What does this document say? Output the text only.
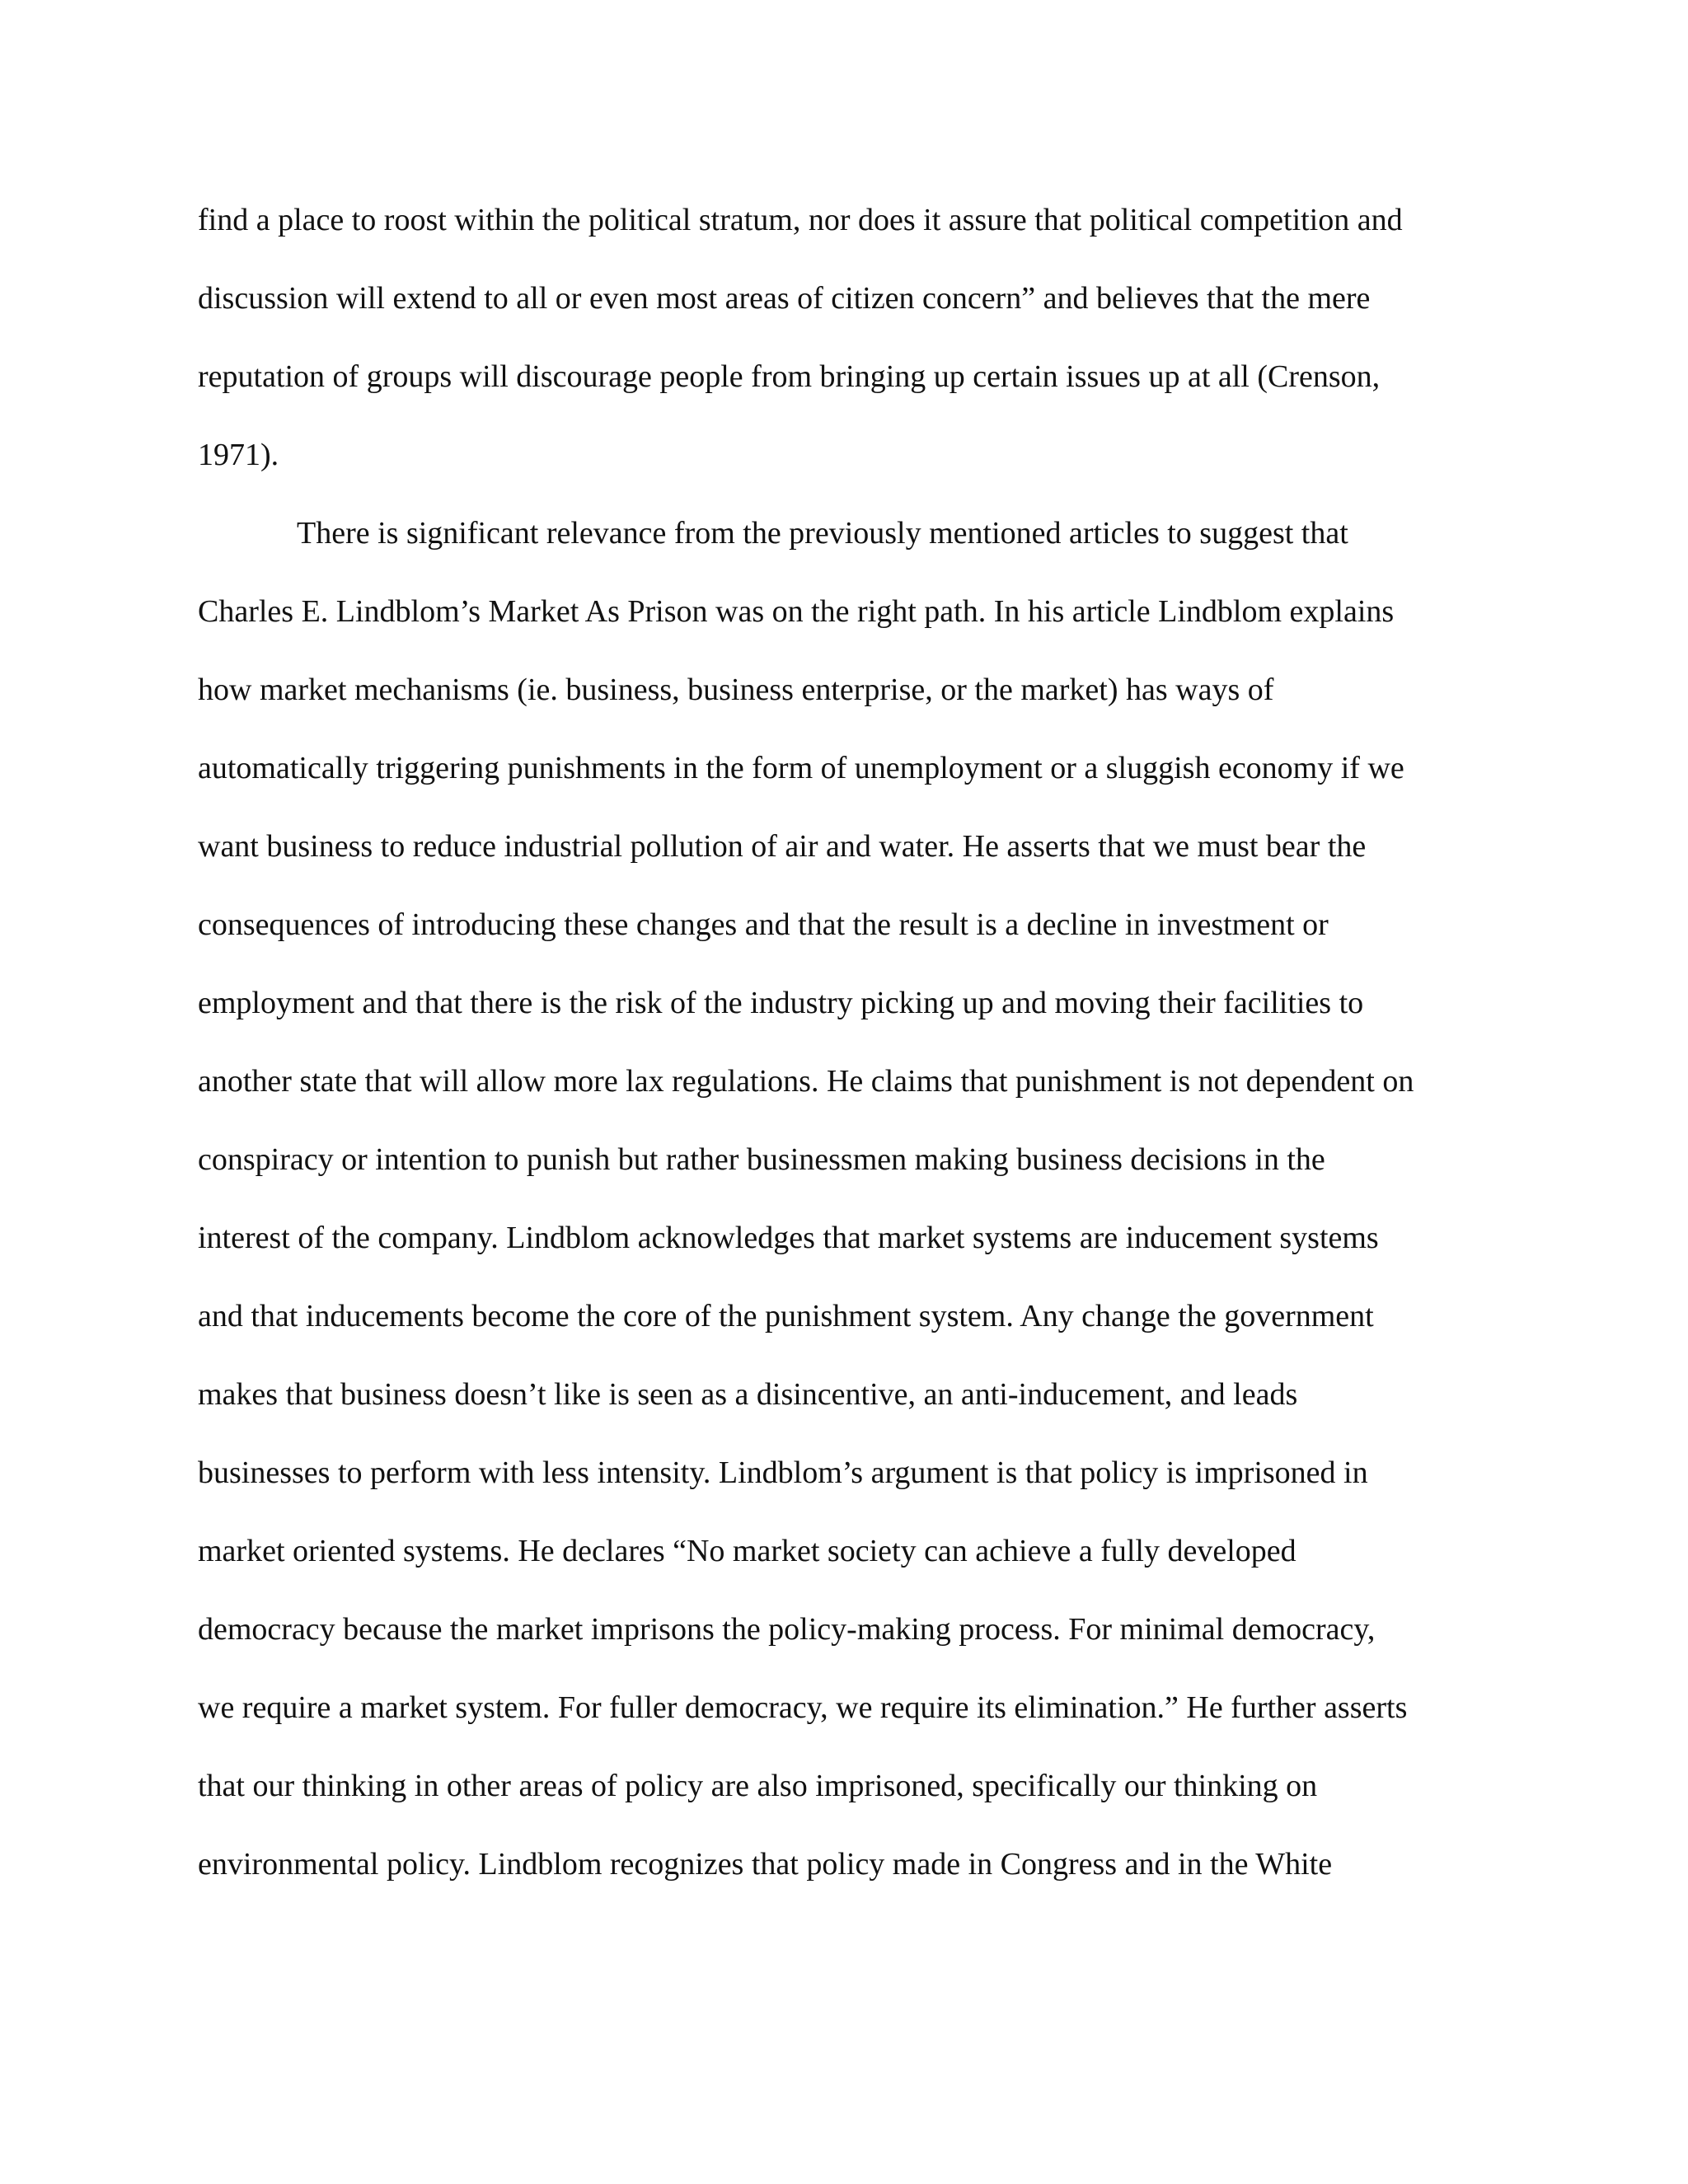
find a place to roost within the political stratum, nor does it assure that political competition and
discussion will extend to all or even most areas of citizen concern” and believes that the mere
reputation of groups will discourage people from bringing up certain issues up at all (Crenson,
1971).
There is significant relevance from the previously mentioned articles to suggest that
Charles E. Lindblom’s Market As Prison was on the right path. In his article Lindblom explains
how market mechanisms (ie. business, business enterprise, or the market) has ways of
automatically triggering punishments in the form of unemployment or a sluggish economy if we
want business to reduce industrial pollution of air and water. He asserts that we must bear the
consequences of introducing these changes and that the result is a decline in investment or
employment and that there is the risk of the industry picking up and moving their facilities to
another state that will allow more lax regulations. He claims that punishment is not dependent on
conspiracy or intention to punish but rather businessmen making business decisions in the
interest of the company. Lindblom acknowledges that market systems are inducement systems
and that inducements become the core of the punishment system. Any change the government
makes that business doesn’t like is seen as a disincentive, an anti-inducement, and leads
businesses to perform with less intensity. Lindblom’s argument is that policy is imprisoned in
market oriented systems. He declares “No market society can achieve a fully developed
democracy because the market imprisons the policy-making process. For minimal democracy,
we require a market system. For fuller democracy, we require its elimination.” He further asserts
that our thinking in other areas of policy are also imprisoned, specifically our thinking on
environmental policy. Lindblom recognizes that policy made in Congress and in the White
